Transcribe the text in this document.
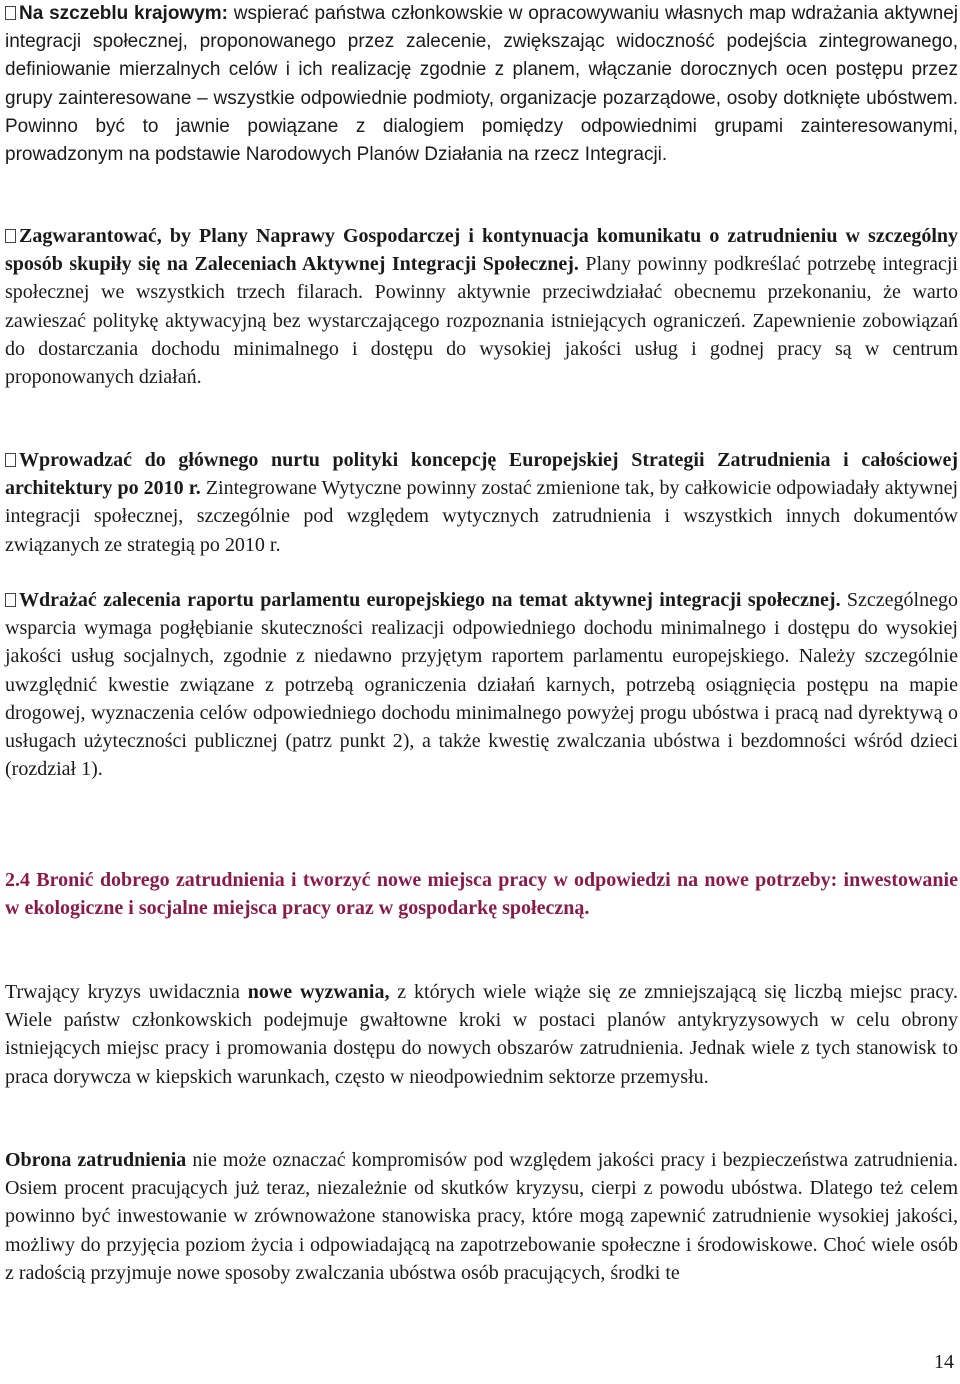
Na szczeblu krajowym: wspierać państwa członkowskie w opracowywaniu własnych map wdrażania aktywnej integracji społecznej, proponowanego przez zalecenie, zwiększając widoczność podejścia zintegrowanego, definiowanie mierzalnych celów i ich realizację zgodnie z planem, włączanie dorocznych ocen postępu przez grupy zainteresowane – wszystkie odpowiednie podmioty, organizacje pozarządowe, osoby dotknięte ubóstwem. Powinno być to jawnie powiązane z dialogiem pomiędzy odpowiednimi grupami zainteresowanymi, prowadzonym na podstawie Narodowych Planów Działania na rzecz Integracji.

Zagwarantować, by Plany Naprawy Gospodarczej i kontynuacja komunikatu o zatrudnieniu w szczególny sposób skupiły się na Zaleceniach Aktywnej Integracji Społecznej. Plany powinny podkreślać potrzebę integracji społecznej we wszystkich trzech filarach. Powinny aktywnie przeciwdziałać obecnemu przekonaniu, że warto zawieszać politykę aktywacyjną bez wystarczającego rozpoznania istniejących ograniczeń. Zapewnienie zobowiązań do dostarczania dochodu minimalnego i dostępu do wysokiej jakości usług i godnej pracy są w centrum proponowanych działań.

Wprowadzać do głównego nurtu polityki koncepcję Europejskiej Strategii Zatrudnienia i całościowej architektury po 2010 r. Zintegrowane Wytyczne powinny zostać zmienione tak, by całkowicie odpowiadały aktywnej integracji społecznej, szczególnie pod względem wytycznych zatrudnienia i wszystkich innych dokumentów związanych ze strategią po 2010 r.

Wdrażać zalecenia raportu parlamentu europejskiego na temat aktywnej integracji społecznej. Szczególnego wsparcia wymaga pogłębianie skuteczności realizacji odpowiedniego dochodu minimalnego i dostępu do wysokiej jakości usług socjalnych, zgodnie z niedawno przyjętym raportem parlamentu europejskiego. Należy szczególnie uwzględnić kwestie związane z potrzebą ograniczenia działań karnych, potrzebą osiągnięcia postępu na mapie drogowej, wyznaczenia celów odpowiedniego dochodu minimalnego powyżej progu ubóstwa i pracą nad dyrektywą o usługach użyteczności publicznej (patrz punkt 2), a także kwestię zwalczania ubóstwa i bezdomności wśród dzieci (rozdział 1).

2.4 Bronić dobrego zatrudnienia i tworzyć nowe miejsca pracy w odpowiedzi na nowe potrzeby: inwestowanie w ekologiczne i socjalne miejsca pracy oraz w gospodarkę społeczną.

Trwający kryzys uwidacznia nowe wyzwania, z których wiele wiąże się ze zmniejszającą się liczbą miejsc pracy. Wiele państw członkowskich podejmuje gwałtowne kroki w postaci planów antykryzysowych w celu obrony istniejących miejsc pracy i promowania dostępu do nowych obszarów zatrudnienia. Jednak wiele z tych stanowisk to praca dorywcza w kiepskich warunkach, często w nieodpowiednim sektorze przemysłu.

Obrona zatrudnienia nie może oznaczać kompromisów pod względem jakości pracy i bezpieczeństwa zatrudnienia. Osiem procent pracujących już teraz, niezależnie od skutków kryzysu, cierpi z powodu ubóstwa. Dlatego też celem powinno być inwestowanie w zrównoważone stanowiska pracy, które mogą zapewnić zatrudnienie wysokiej jakości, możliwy do przyjęcia poziom życia i odpowiadającą na zapotrzebowanie społeczne i środowiskowe. Choć wiele osób z radością przyjmuje nowe sposoby zwalczania ubóstwa osób pracujących, środki te

14
